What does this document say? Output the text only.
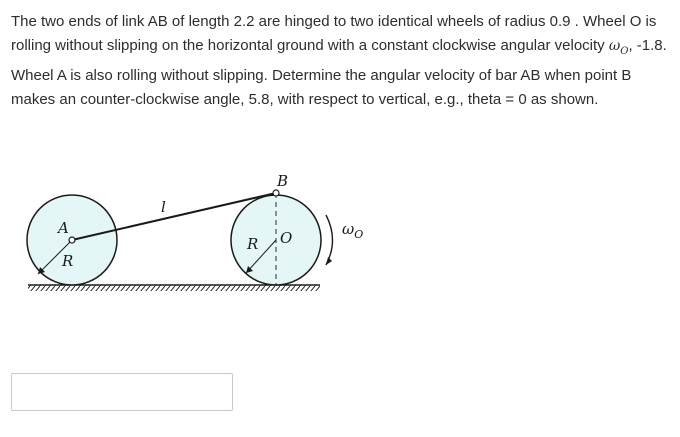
The two ends of link AB of length 2.2 are hinged to two identical wheels of radius 0.9 . Wheel O is rolling without slipping on the horizontal ground with a constant clockwise angular velocity $\omega_O$, -1.8. Wheel A is also rolling without slipping. Determine the angular velocity of bar AB when point B makes an counter-clockwise angle, 5.8, with respect to vertical, e.g., theta = 0 as shown.

A
R
l
R O
B
$\omega_O$
